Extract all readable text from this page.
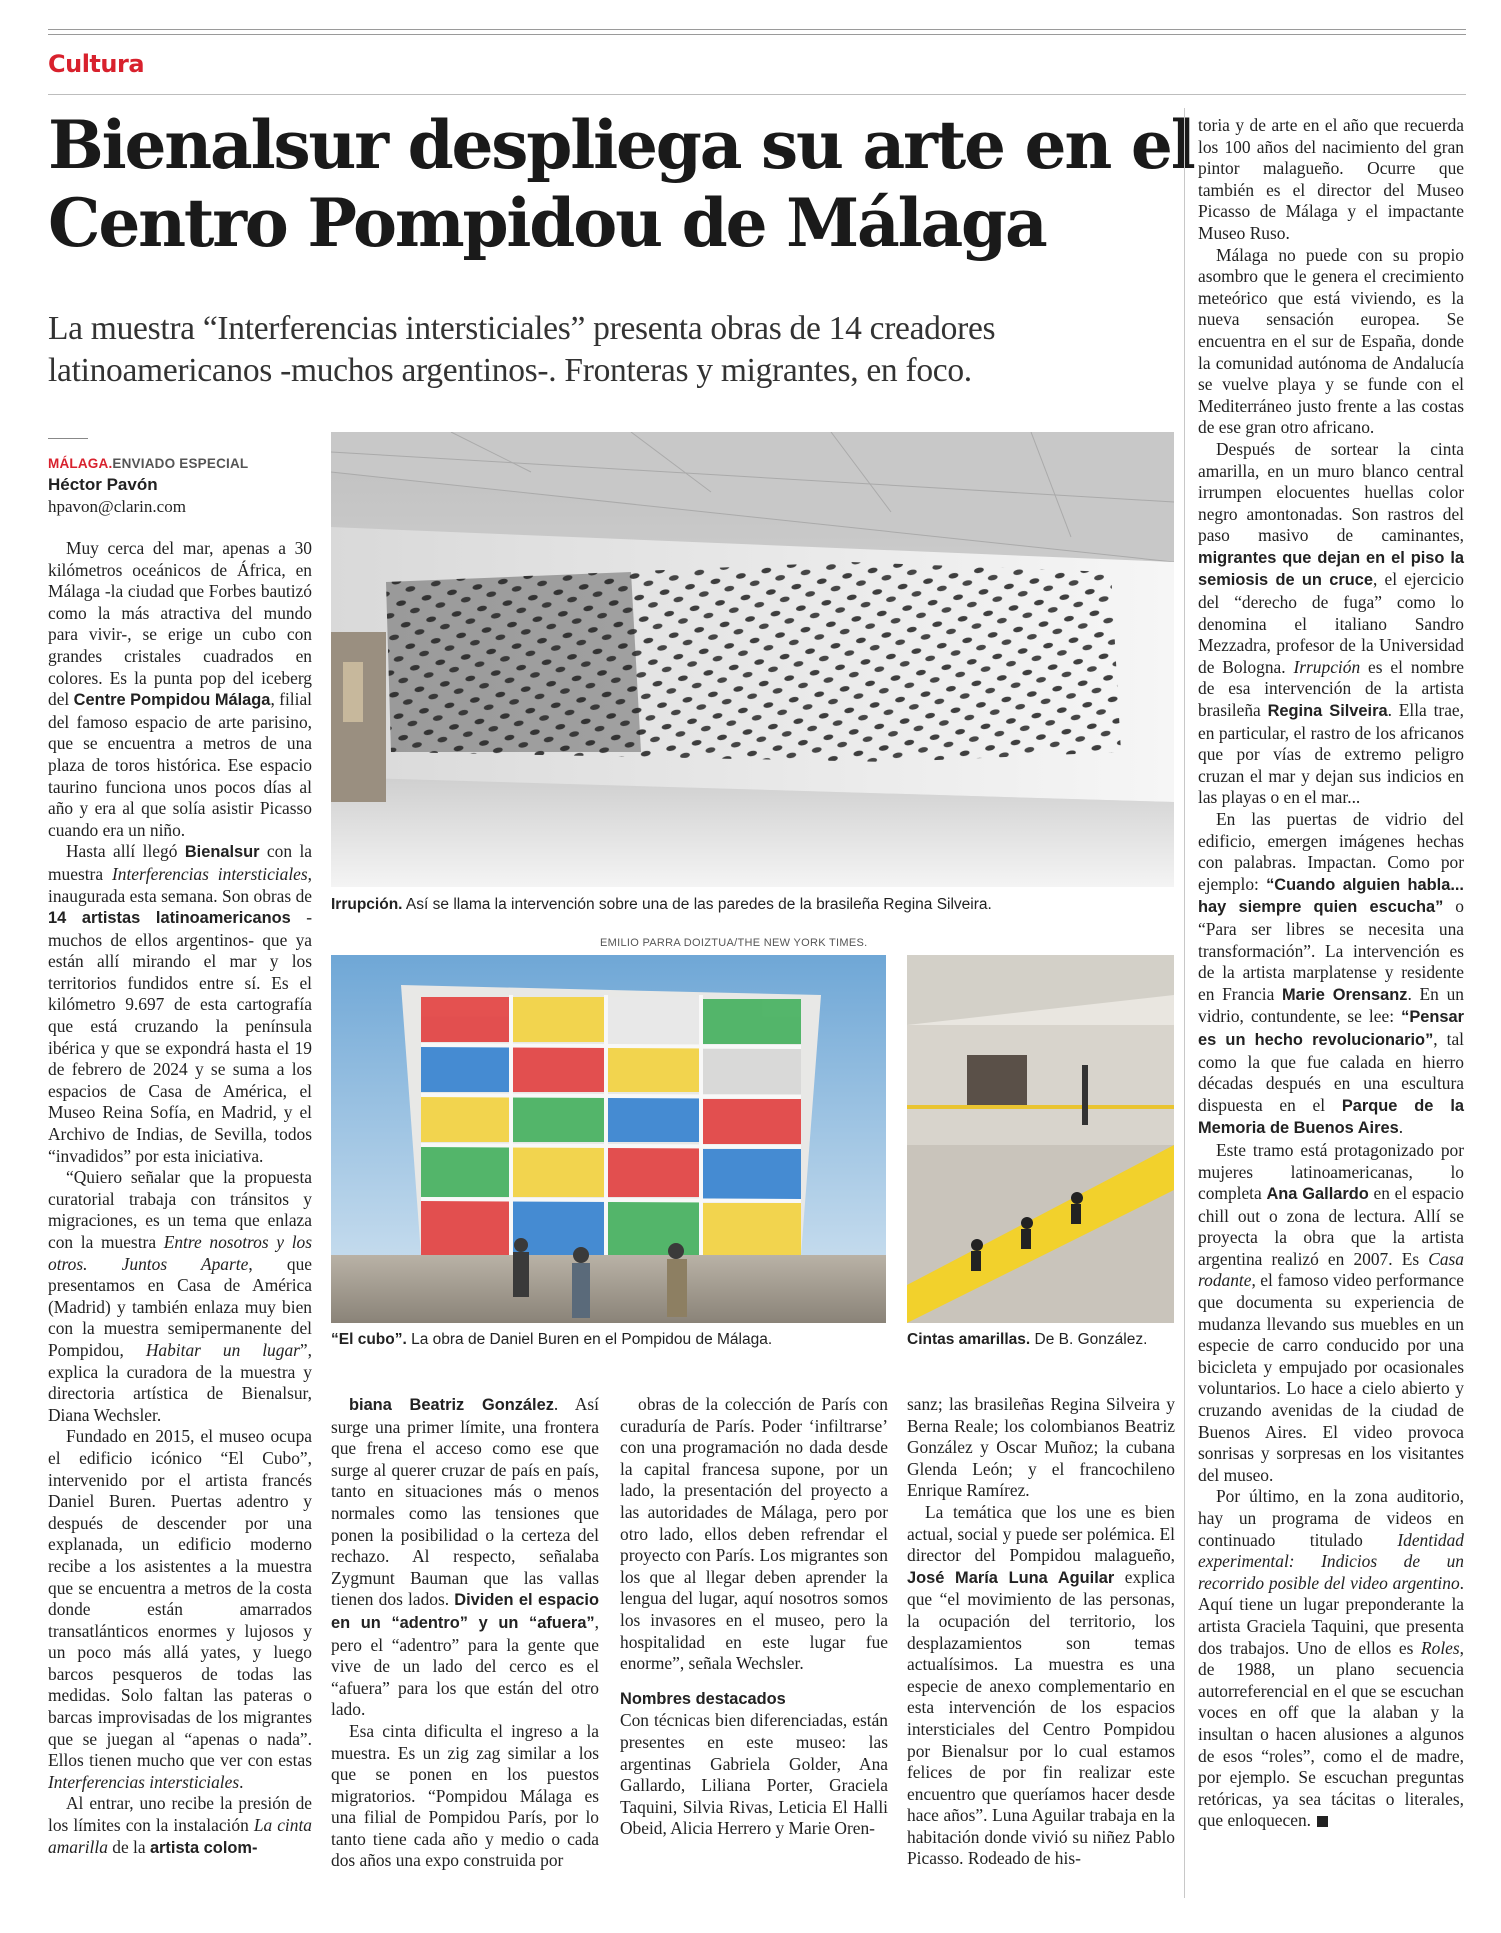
Cultura
Bienalsur despliega su arte en el Centro Pompidou de Málaga
La muestra “Interferencias intersticiales” presenta obras de 14 creadores latinoamericanos -muchos argentinos-. Fronteras y migrantes, en foco.
MÁLAGA.ENVIADO ESPECIAL
Héctor Pavón
hpavon@clarin.com
Irrupción. Así se llama la intervención sobre una de las paredes de la brasileña Regina Silveira.
EMILIO PARRA DOIZTUA/THE NEW YORK TIMES.
“El cubo”. La obra de Daniel Buren en el Pompidou de Málaga.	Cintas amarillas. De B. González.

Muy cerca del mar, apenas a 30 kilómetros oceánicos de África, en Málaga -la ciudad que Forbes bautizó como la más atractiva del mundo para vivir-, se erige un cubo con grandes cristales cuadrados en colores. Es la punta pop del iceberg del Centre Pompidou Málaga, filial del famoso espacio de arte parisino, que se encuentra a metros de una plaza de toros histórica. Ese espacio taurino funciona unos pocos días al año y era al que solía asistir Picasso cuando era un niño.

Hasta allí llegó Bienalsur con la muestra Interferencias intersticiales, inaugurada esta semana. Son obras de 14 artistas latinoamericanos -muchos de ellos argentinos- que ya están allí mirando el mar y los territorios fundidos entre sí. Es el kilómetro 9.697 de esta cartografía que está cruzando la península ibérica y que se expondrá hasta el 19 de febrero de 2024 y se suma a los espacios de Casa de América, el Museo Reina Sofía, en Madrid, y el Archivo de Indias, de Sevilla, todos “invadidos” por esta iniciativa.

“Quiero señalar que la propuesta curatorial trabaja con tránsitos y migraciones, es un tema que enlaza con la muestra Entre nosotros y los otros. Juntos Aparte, que presentamos en Casa de América (Madrid) y también enlaza muy bien con la muestra semipermanente del Pompidou, Habitar un lugar”, explica la curadora de la muestra y directoria artística de Bienalsur, Diana Wechsler.

Fundado en 2015, el museo ocupa el edificio icónico “El Cubo”, intervenido por el artista francés Daniel Buren. Puertas adentro y después de descender por una explanada, un edificio moderno recibe a los asistentes a la muestra que se encuentra a metros de la costa donde están amarrados transatlánticos enormes y lujosos y un poco más allá yates, y luego barcos pesqueros de todas las medidas. Solo faltan las pateras o barcas improvisadas de los migrantes que se juegan al “apenas o nada”. Ellos tienen mucho que ver con estas Interferencias intersticiales.

Al entrar, uno recibe la presión de los límites con la instalación La cinta amarilla de la artista colom-

biana Beatriz González. Así surge una primer límite, una frontera que frena el acceso como ese que surge al querer cruzar de país en país, tanto en situaciones más o menos normales como las tensiones que ponen la posibilidad o la certeza del rechazo. Al respecto, señalaba Zygmunt Bauman que las vallas tienen dos lados. Dividen el espacio en un “adentro” y un “afuera”, pero el “adentro” para la gente que vive de un lado del cerco es el “afuera” para los que están del otro lado.

Esa cinta dificulta el ingreso a la muestra. Es un zig zag similar a los que se ponen en los puestos migratorios. “Pompidou Málaga es una filial de Pompidou París, por lo tanto tiene cada año y medio o cada dos años una expo construida por

obras de la colección de París con curaduría de París. Poder ‘infiltrarse’ con una programación no dada desde la capital francesa supone, por un lado, la presentación del proyecto a las autoridades de Málaga, pero por otro lado, ellos deben refrendar el proyecto con París. Los migrantes son los que al llegar deben aprender la lengua del lugar, aquí nosotros somos los invasores en el museo, pero la hospitalidad en este lugar fue enorme”, señala Wechsler.

Nombres destacados

Con técnicas bien diferenciadas, están presentes en este museo: las argentinas Gabriela Golder, Ana Gallardo, Liliana Porter, Graciela Taquini, Silvia Rivas, Leticia El Halli Obeid, Alicia Herrero y Marie Oren-

sanz; las brasileñas Regina Silveira y Berna Reale; los colombianos Beatriz González y Oscar Muñoz; la cubana Glenda León; y el francochileno Enrique Ramírez.

La temática que los une es bien actual, social y puede ser polémica. El director del Pompidou malagueño, José María Luna Aguilar explica que “el movimiento de las personas, la ocupación del territorio, los desplazamientos son temas actualísimos. La muestra es una especie de anexo complementario en esta intervención de los espacios intersticiales del Centro Pompidou por Bienalsur por lo cual estamos felices de por fin realizar este encuentro que queríamos hacer desde hace años”. Luna Aguilar trabaja en la habitación donde vivió su niñez Pablo Picasso. Rodeado de his-

toria y de arte en el año que recuerda los 100 años del nacimiento del gran pintor malagueño. Ocurre que también es el director del Museo Picasso de Málaga y el impactante Museo Ruso.

Málaga no puede con su propio asombro que le genera el crecimiento meteórico que está viviendo, es la nueva sensación europea. Se encuentra en el sur de España, donde la comunidad autónoma de Andalucía se vuelve playa y se funde con el Mediterráneo justo frente a las costas de ese gran otro africano.

Después de sortear la cinta amarilla, en un muro blanco central irrumpen elocuentes huellas color negro amontonadas. Son rastros del paso masivo de caminantes, migrantes que dejan en el piso la semiosis de un cruce, el ejercicio del “derecho de fuga” como lo denomina el italiano Sandro Mezzadra, profesor de la Universidad de Bologna. Irrupción es el nombre de esa intervención de la artista brasileña Regina Silveira. Ella trae, en particular, el rastro de los africanos que por vías de extremo peligro cruzan el mar y dejan sus indicios en las playas o en el mar...

En las puertas de vidrio del edificio, emergen imágenes hechas con palabras. Impactan. Como por ejemplo: “Cuando alguien habla... hay siempre quien escucha” o “Para ser libres se necesita una transformación”. La intervención es de la artista marplatense y residente en Francia Marie Orensanz. En un vidrio, contundente, se lee: “Pensar es un hecho revolucionario”, tal como la que fue calada en hierro décadas después en una escultura dispuesta en el Parque de la Memoria de Buenos Aires.

Este tramo está protagonizado por mujeres latinoamericanas, lo completa Ana Gallardo en el espacio chill out o zona de lectura. Allí se proyecta la obra que la artista argentina realizó en 2007. Es Casa rodante, el famoso video performance que documenta su experiencia de mudanza llevando sus muebles en un especie de carro conducido por una bicicleta y empujado por ocasionales voluntarios. Lo hace a cielo abierto y cruzando avenidas de la ciudad de Buenos Aires. El video provoca sonrisas y sorpresas en los visitantes del museo.

Por último, en la zona auditorio, hay un programa de videos en continuado titulado Identidad experimental: Indicios de un recorrido posible del video argentino. Aquí tiene un lugar preponderante la artista Graciela Taquini, que presenta dos trabajos. Uno de ellos es Roles, de 1988, un plano secuencia autorreferencial en el que se escuchan voces en off que la alaban y la insultan o hacen alusiones a algunos de esos “roles”, como el de madre, por ejemplo. Se escuchan preguntas retóricas, ya sea tácitas o literales, que enloquecen.
